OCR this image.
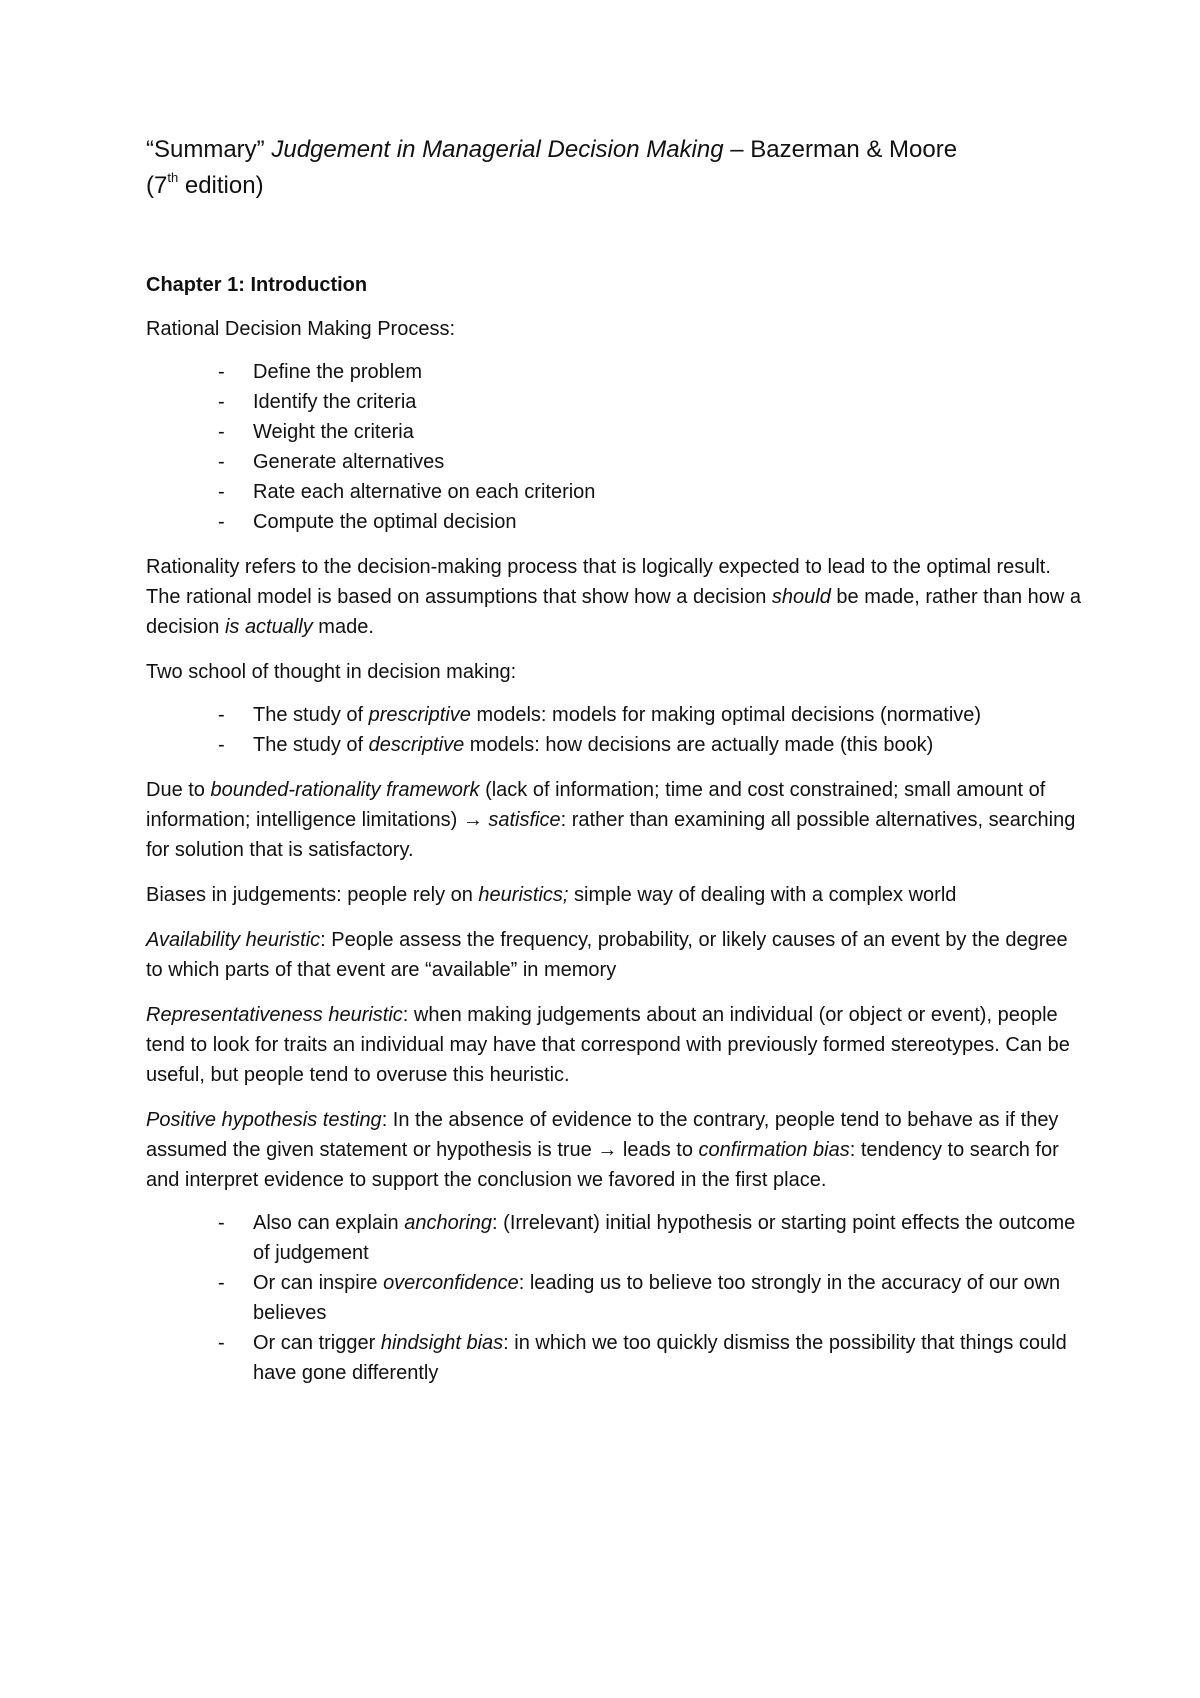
“Summary” Judgement in Managerial Decision Making – Bazerman & Moore
(7th edition)

Chapter 1: Introduction

Rational Decision Making Process:

- Define the problem
- Identify the criteria
- Weight the criteria
- Generate alternatives
- Rate each alternative on each criterion
- Compute the optimal decision

Rationality refers to the decision-making process that is logically expected to lead to the optimal result. The rational model is based on assumptions that show how a decision should be made, rather than how a decision is actually made.

Two school of thought in decision making:

- The study of prescriptive models: models for making optimal decisions (normative)
- The study of descriptive models: how decisions are actually made (this book)

Due to bounded-rationality framework (lack of information; time and cost constrained; small amount of information; intelligence limitations) → satisfice: rather than examining all possible alternatives, searching for solution that is satisfactory.

Biases in judgements: people rely on heuristics; simple way of dealing with a complex world

Availability heuristic: People assess the frequency, probability, or likely causes of an event by the degree to which parts of that event are “available” in memory

Representativeness heuristic: when making judgements about an individual (or object or event), people tend to look for traits an individual may have that correspond with previously formed stereotypes. Can be useful, but people tend to overuse this heuristic.

Positive hypothesis testing: In the absence of evidence to the contrary, people tend to behave as if they assumed the given statement or hypothesis is true → leads to confirmation bias: tendency to search for and interpret evidence to support the conclusion we favored in the first place.

- Also can explain anchoring: (Irrelevant) initial hypothesis or starting point effects the outcome of judgement
- Or can inspire overconfidence: leading us to believe too strongly in the accuracy of our own believes
- Or can trigger hindsight bias: in which we too quickly dismiss the possibility that things could have gone differently
